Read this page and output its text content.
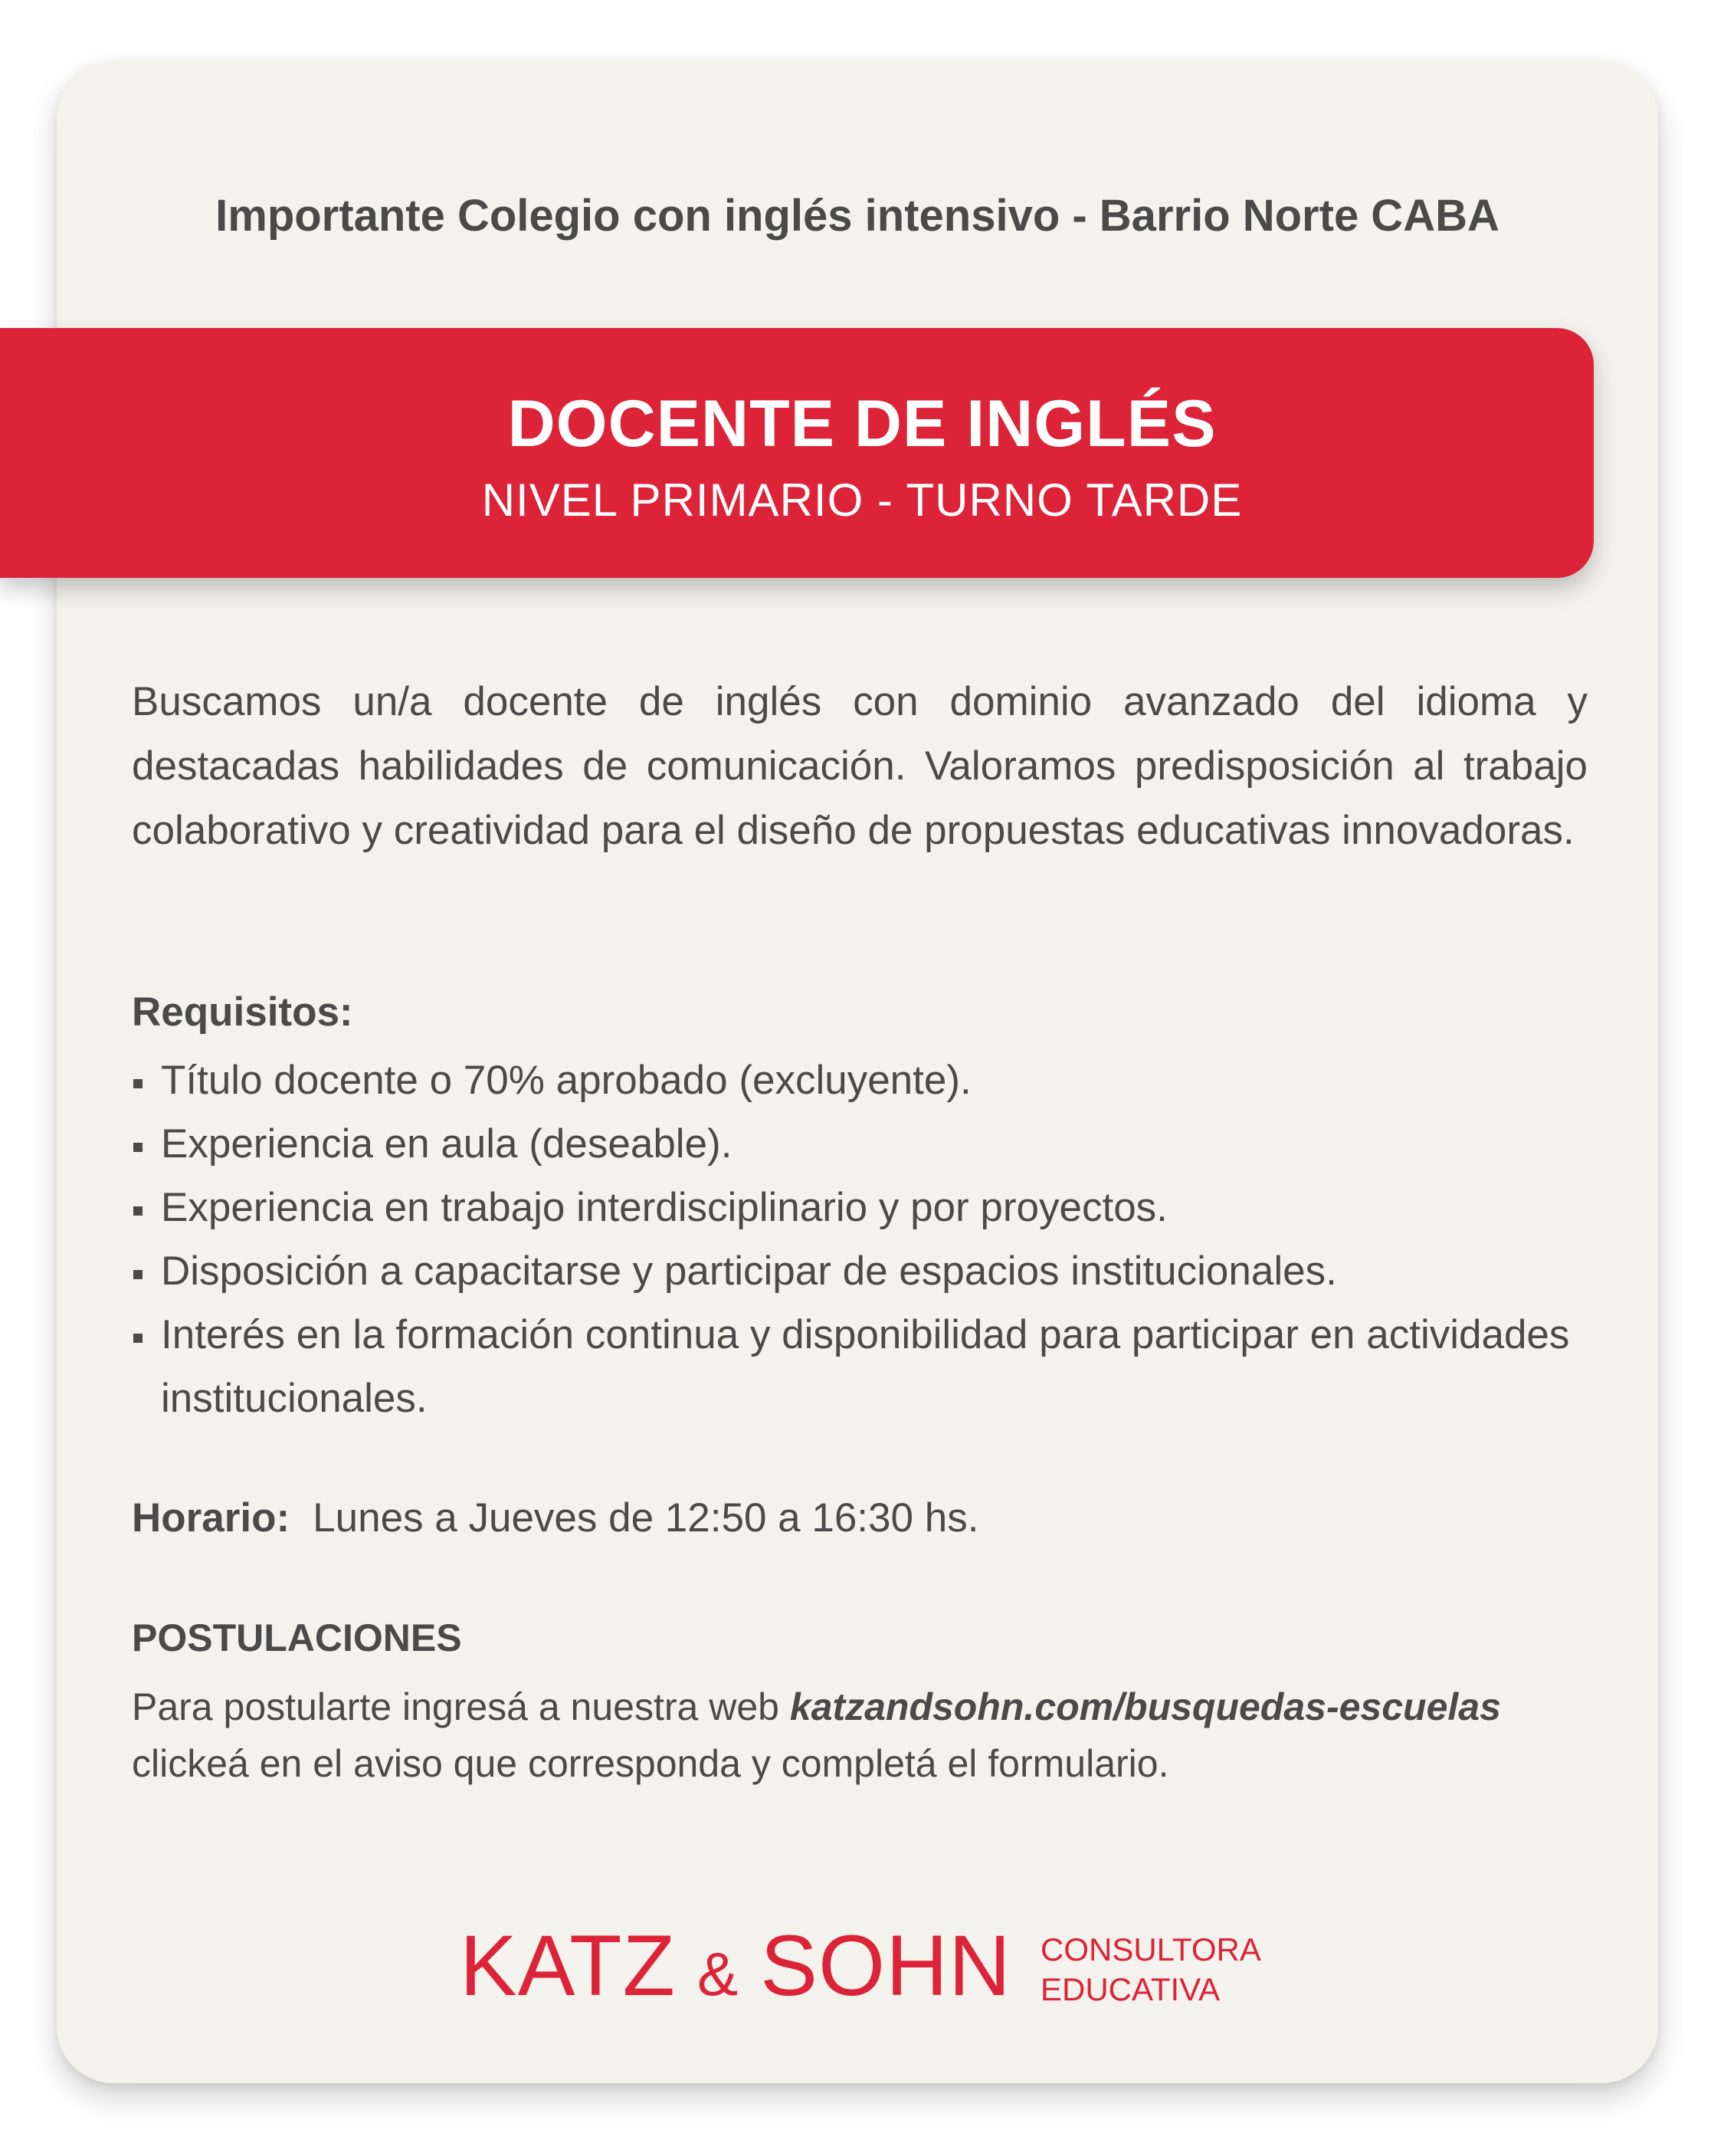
Importante Colegio con inglés intensivo - Barrio Norte CABA
DOCENTE DE INGLÉS
NIVEL PRIMARIO - TURNO TARDE
Buscamos un/a docente de inglés con dominio avanzado del idioma y destacadas habilidades de comunicación. Valoramos predisposición al trabajo colaborativo y creatividad para el diseño de propuestas educativas innovadoras.
Requisitos:
Título docente o 70% aprobado (excluyente).
Experiencia en aula (deseable).
Experiencia en trabajo interdisciplinario y por proyectos.
Disposición a capacitarse y participar de espacios institucionales.
Interés en la formación continua y disponibilidad para participar en actividades institucionales.
Horario: Lunes a Jueves de 12:50 a 16:30 hs.
POSTULACIONES
Para postularte ingresá a nuestra web katzandsohn.com/busquedas-escuelas
clickeá en el aviso que corresponda y completá el formulario.
KATZ & SOHN CONSULTORA
EDUCATIVA
